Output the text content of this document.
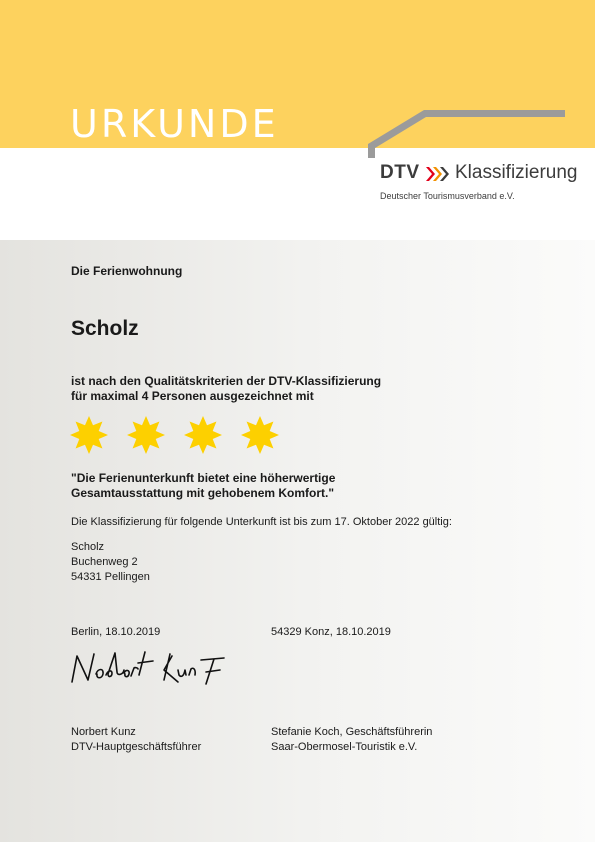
URKUNDE
DTV Klassifizierung
Deutscher Tourismusverband e.V.
Die Ferienwohnung
Scholz
ist nach den Qualitätskriterien der DTV-Klassifizierung
für maximal 4 Personen ausgezeichnet mit
"Die Ferienunterkunft bietet eine höherwertige
Gesamtausstattung mit gehobenem Komfort."
Die Klassifizierung für folgende Unterkunft ist bis zum 17. Oktober 2022 gültig:
Scholz
Buchenweg 2
54331 Pellingen
Berlin, 18.10.2019	54329 Konz, 18.10.2019
Norbert Kunz
DTV-Hauptgeschäftsführer
Stefanie Koch, Geschäftsführerin
Saar-Obermosel-Touristik e.V.
